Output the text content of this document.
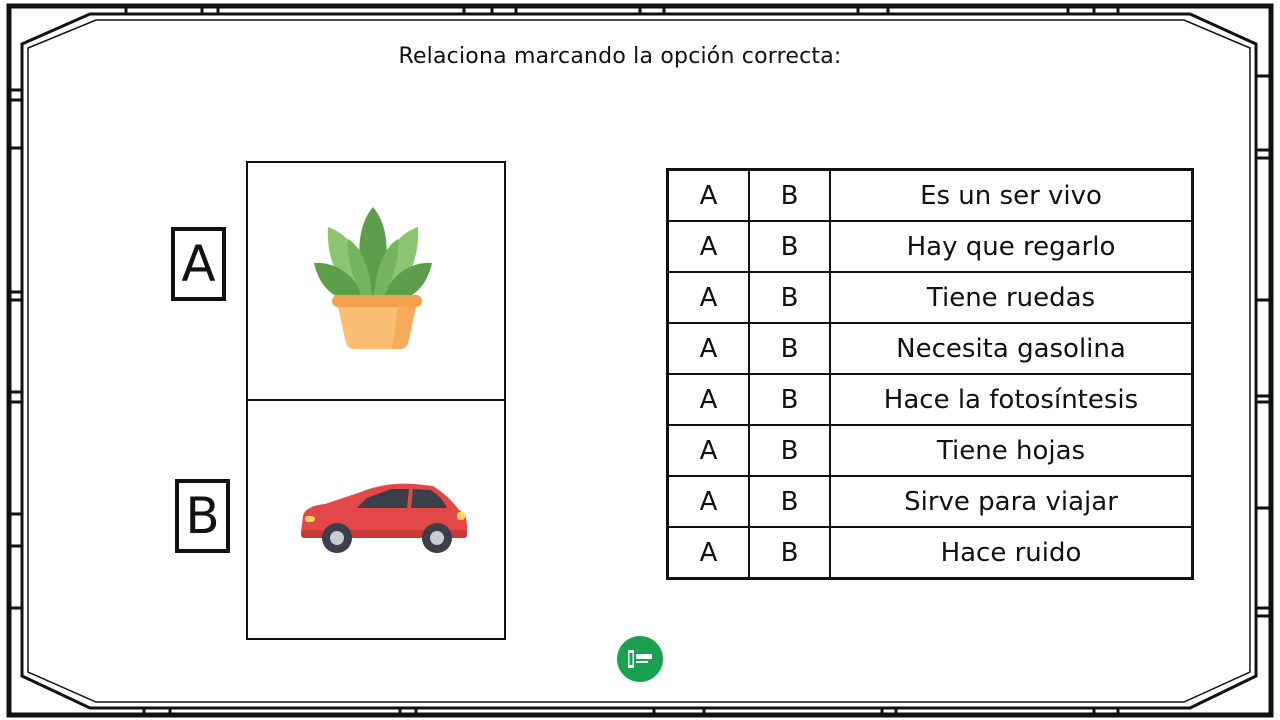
Relaciona marcando la opción correcta:
A
B
A	B	Es un ser vivo
A	B	Hay que regarlo
A	B	Tiene ruedas
A	B	Necesita gasolina
A	B	Hace la fotosíntesis
A	B	Tiene hojas
A	B	Sirve para viajar
A	B	Hace ruido
